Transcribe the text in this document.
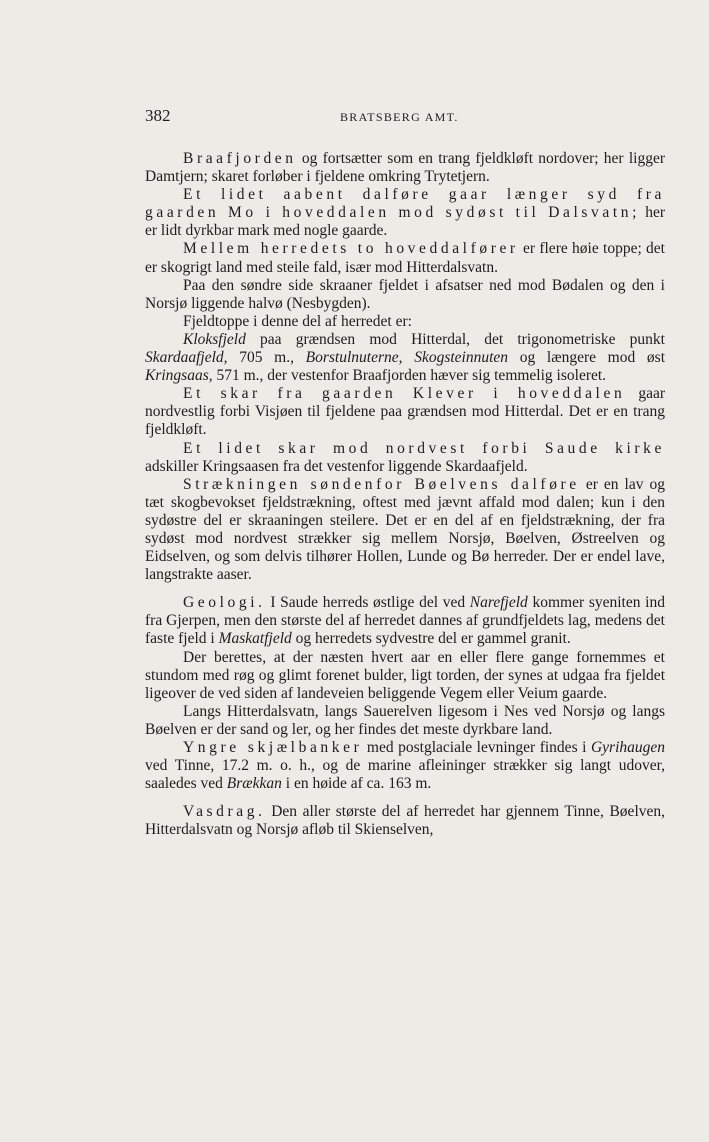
382	BRATSBERG AMT.

Braafjorden og fortsætter som en trang fjeldkløft nordover; her ligger Damtjern; skaret forløber i fjeldene omkring Trytetjern.

Et lidet aabent dalføre gaar længer syd fra gaarden Mo i hoveddalen mod sydøst til Dalsvatn; her er lidt dyrkbar mark med nogle gaarde.

Mellem herredets to hoveddalfører er flere høie toppe; det er skogrigt land med steile fald, især mod Hitterdalsvatn.

Paa den søndre side skraaner fjeldet i afsatser ned mod Bødalen og den i Norsjø liggende halvø (Nesbygden).

Fjeldtoppe i denne del af herredet er:

Kloksfjeld paa grændsen mod Hitterdal, det trigonometriske punkt Skardaafjeld, 705 m., Borstulnuterne, Skogsteinnuten og længere mod øst Kringsaas, 571 m., der vestenfor Braafjorden hæver sig temmelig isoleret.

Et skar fra gaarden Klever i hoveddalen gaar nordvestlig forbi Visjøen til fjeldene paa grændsen mod Hitterdal. Det er en trang fjeldkløft.

Et lidet skar mod nordvest forbi Saude kirke adskiller Kringsaasen fra det vestenfor liggende Skardaafjeld.

Strækningen søndenfor Bøelvens dalføre er en lav og tæt skogbevokset fjeldstrækning, oftest med jævnt affald mod dalen; kun i den sydøstre del er skraaningen steilere. Det er en del af en fjeldstrækning, der fra sydøst mod nordvest strækker sig mellem Norsjø, Bøelven, Østreelven og Eidselven, og som delvis tilhører Hollen, Lunde og Bø herreder. Der er endel lave, langstrakte aaser.

Geologi. I Saude herreds østlige del ved Narefjeld kommer syeniten ind fra Gjerpen, men den største del af herredet dannes af grundfjeldets lag, medens det faste fjeld i Maskatfjeld og herredets sydvestre del er gammel granit.

Der berettes, at der næsten hvert aar en eller flere gange fornemmes et stundom med røg og glimt forenet bulder, ligt torden, der synes at udgaa fra fjeldet ligeover de ved siden af landeveien beliggende Vegem eller Veium gaarde.

Langs Hitterdalsvatn, langs Sauerelven ligesom i Nes ved Norsjø og langs Bøelven er der sand og ler, og her findes det meste dyrkbare land.

Yngre skjælbanker med postglaciale levninger findes i Gyrihaugen ved Tinne, 17.2 m. o. h., og de marine afleininger strækker sig langt udover, saaledes ved Brækkan i en høide af ca. 163 m.

Vasdrag. Den aller største del af herredet har gjennem Tinne, Bøelven, Hitterdalsvatn og Norsjø afløb til Skienselven,
